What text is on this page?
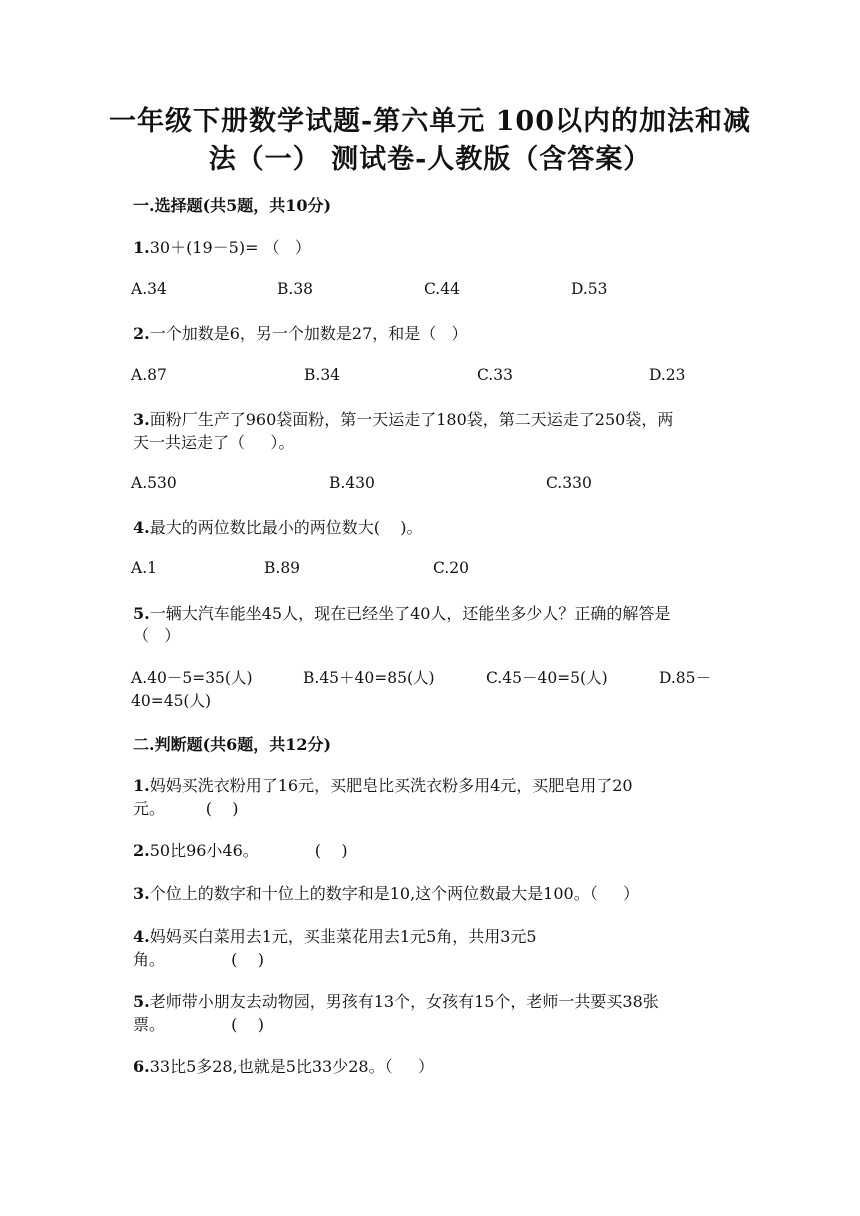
一年级下册数学试题-第六单元 100以内的加法和减
法（一） 测试卷-人教版（含答案）
一.选择题(共5题，共10分)
1.30＋(19－5)= （   ）
A.34	B.38	C.44	D.53
2.一个加数是6，另一个加数是27，和是（   ）
A.87	B.34	C.33	D.23
3.面粉厂生产了960袋面粉，第一天运走了180袋，第二天运走了250袋，两
天一共运走了（     ）。
A.530	B.430	C.330
4.最大的两位数比最小的两位数大(    )。
A.1	B.89	C.20
5.一辆大汽车能坐45人，现在已经坐了40人，还能坐多少人？正确的解答是
（   ）
A.40－5=35(人)	B.45＋40=85(人)	C.45－40=5(人)	D.85－
40=45(人)
二.判断题(共6题，共12分)
1.妈妈买洗衣粉用了16元，买肥皂比买洗衣粉多用4元，买肥皂用了20
元。        (    )
2.50比96小46。           (    )
3.个位上的数字和十位上的数字和是10,这个两位数最大是100。（     ）
4.妈妈买白菜用去1元，买韭菜花用去1元5角，共用3元5
角。             (    )
5.老师带小朋友去动物园，男孩有13个，女孩有15个，老师一共要买38张
票。             (    )
6.33比5多28,也就是5比33少28。（     ）
